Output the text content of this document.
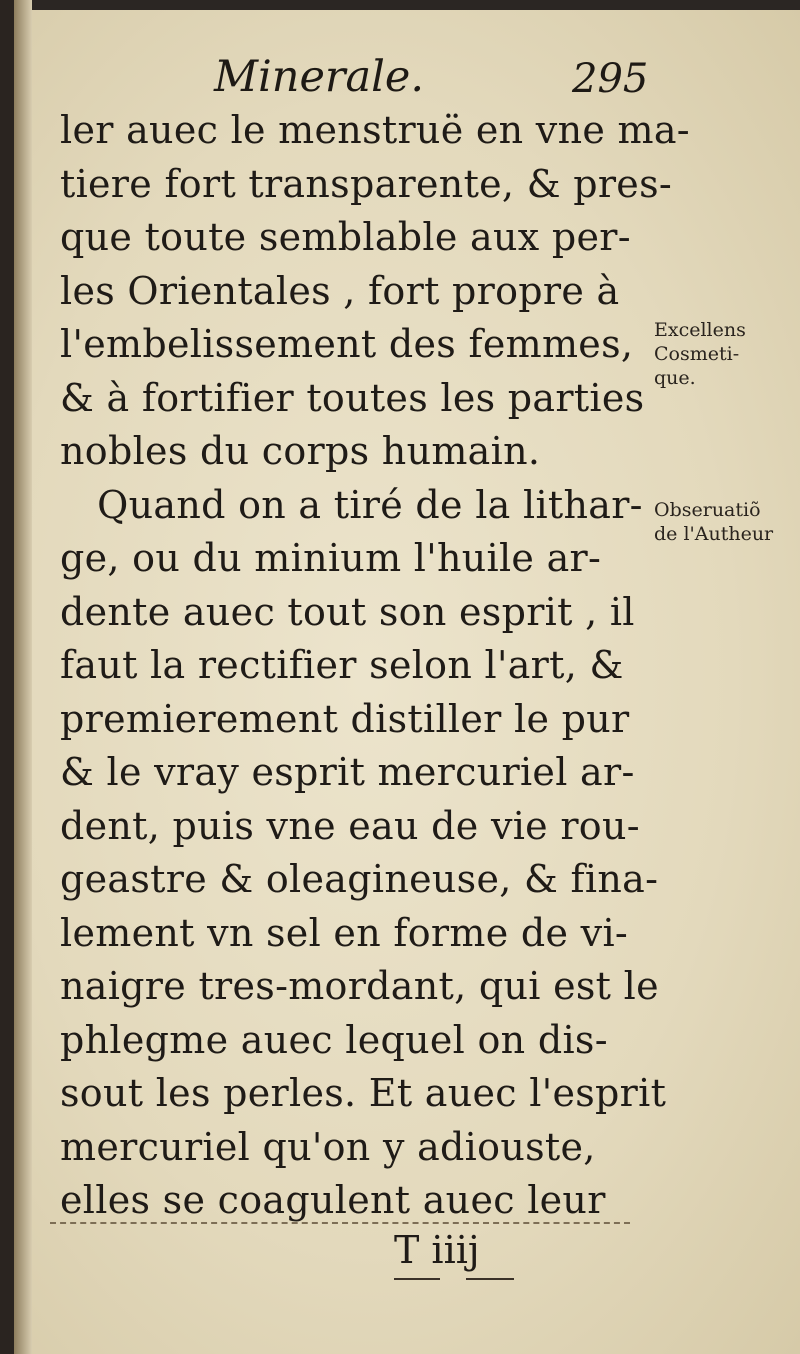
Minerale.	295
ler auec le menstruë en vne ma-
tiere fort transparente, & pres-
que toute semblable aux per-
les Orientales , fort propre à
l'embelissement des femmes,
& à fortifier toutes les parties
nobles du corps humain.
Quand on a tiré de la lithar-
ge, ou du minium l'huile ar-
dente auec tout son esprit , il
faut la rectifier selon l'art, &
premierement distiller le pur
& le vray esprit mercuriel ar-
dent, puis vne eau de vie rou-
geastre & oleagineuse, & fina-
lement vn sel en forme de vi-
naigre tres-mordant, qui est le
phlegme auec lequel on dis-
sout les perles. Et auec l'esprit
mercuriel qu'on y adiouste,
elles se coagulent auec leur
Excellens
Cosmeti-
que.
Obseruatiõ
de l'Autheur
T iiij
